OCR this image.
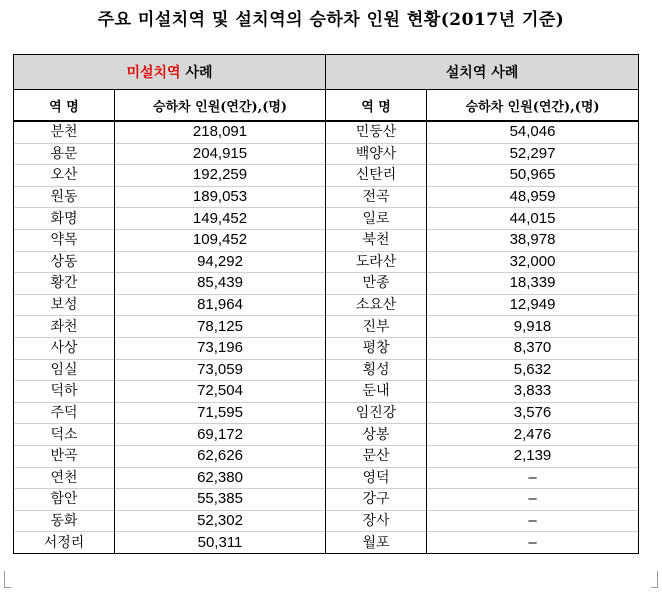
주요 미설치역 및 설치역의 승하차 인원 현황(2017년 기준)
미설치역 사례		설치역 사례	
역 명	승하차 인원(연간),(명)	역 명	승하차 인원(연간),(명)
분천	218,091	민둥산	54,046
용문	204,915	백양사	52,297
오산	192,259	신탄리	50,965
원동	189,053	전곡	48,959
화명	149,452	일로	44,015
약목	109,452	북천	38,978
상동	94,292	도라산	32,000
황간	85,439	만종	18,339
보성	81,964	소요산	12,949
좌천	78,125	진부	9,918
사상	73,196	평창	8,370
임실	73,059	횡성	5,632
덕하	72,504	둔내	3,833
주덕	71,595	임진강	3,576
덕소	69,172	상봉	2,476
반곡	62,626	문산	2,139
연천	62,380	영덕	–
함안	55,385	강구	–
동화	52,302	장사	–
서정리	50,311	월포	–
